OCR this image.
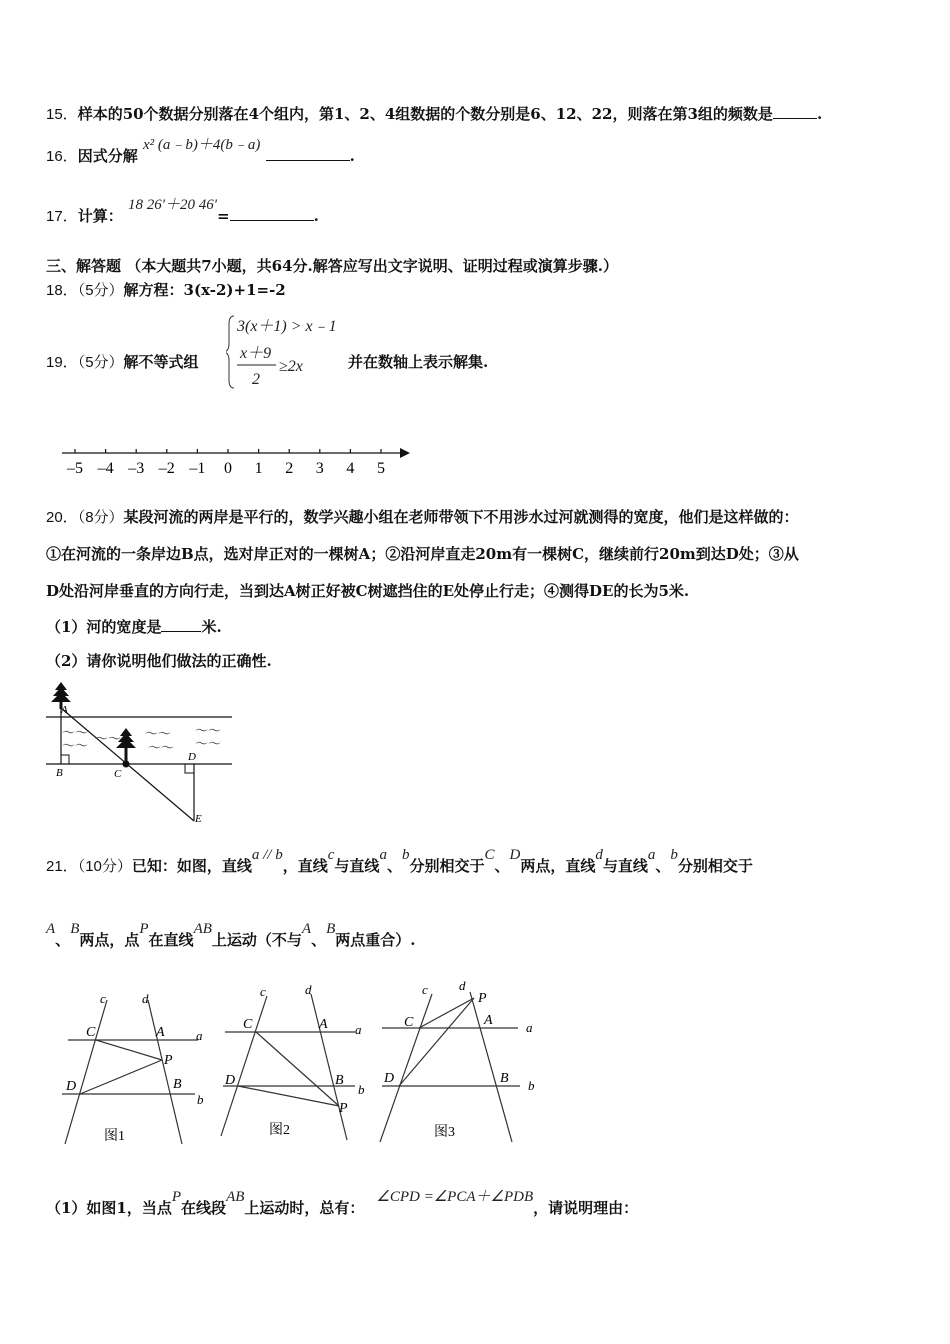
15．样本的50个数据分别落在4个组内，第1、2、4组数据的个数分别是6、12、22，则落在第3组的频数是	.
16．因式分解 x² (a﹣b)＋4(b﹣a) .
17．计算： 18 26′＋20 46′=	.
三、解答题 （本大题共7小题，共64分.解答应写出文字说明、证明过程或演算步骤.）
18．（5分）解方程：3(x-2)+1=-2
19．（5分）解不等式组
3(x＋1) > x﹣1
x＋9
2
≥2x	并在数轴上表示解集.
–5 –4 –3 –2 –1 0 1 2 3 4 5
20．（8分）某段河流的两岸是平行的，数学兴趣小组在老师带领下不用涉水过河就测得的宽度，他们是这样做的：
①在河流的一条岸边B点，选对岸正对的一棵树A；②沿河岸直走20m有一棵树C，继续前行20m到达D处；③从
D处沿河岸垂直的方向行走，当到达A树正好被C树遮挡住的E处停止行走；④测得DE的长为5米.
（1）河的宽度是	米.
（2）请你说明他们做法的正确性.
～～
～～ ～～ ～～
～～
～～
～～
A
B	C
D
E
21．（10分）已知：如图，直线a // b，直线c与直线a、b分别相交于C、D两点，直线d与直线a、b分别相交于
A、B两点，点P在直线AB上运动（不与A、B两点重合）.
c	d
C	A a
P
D	B
b
图1
c	d
C	A a
D	B
b
P
图2
c d
P
C	A	a
D	B b
图3
（1）如图1，当点P在线段AB上运动时，总有：∠CPD =∠PCA＋∠PDB，请说明理由：
